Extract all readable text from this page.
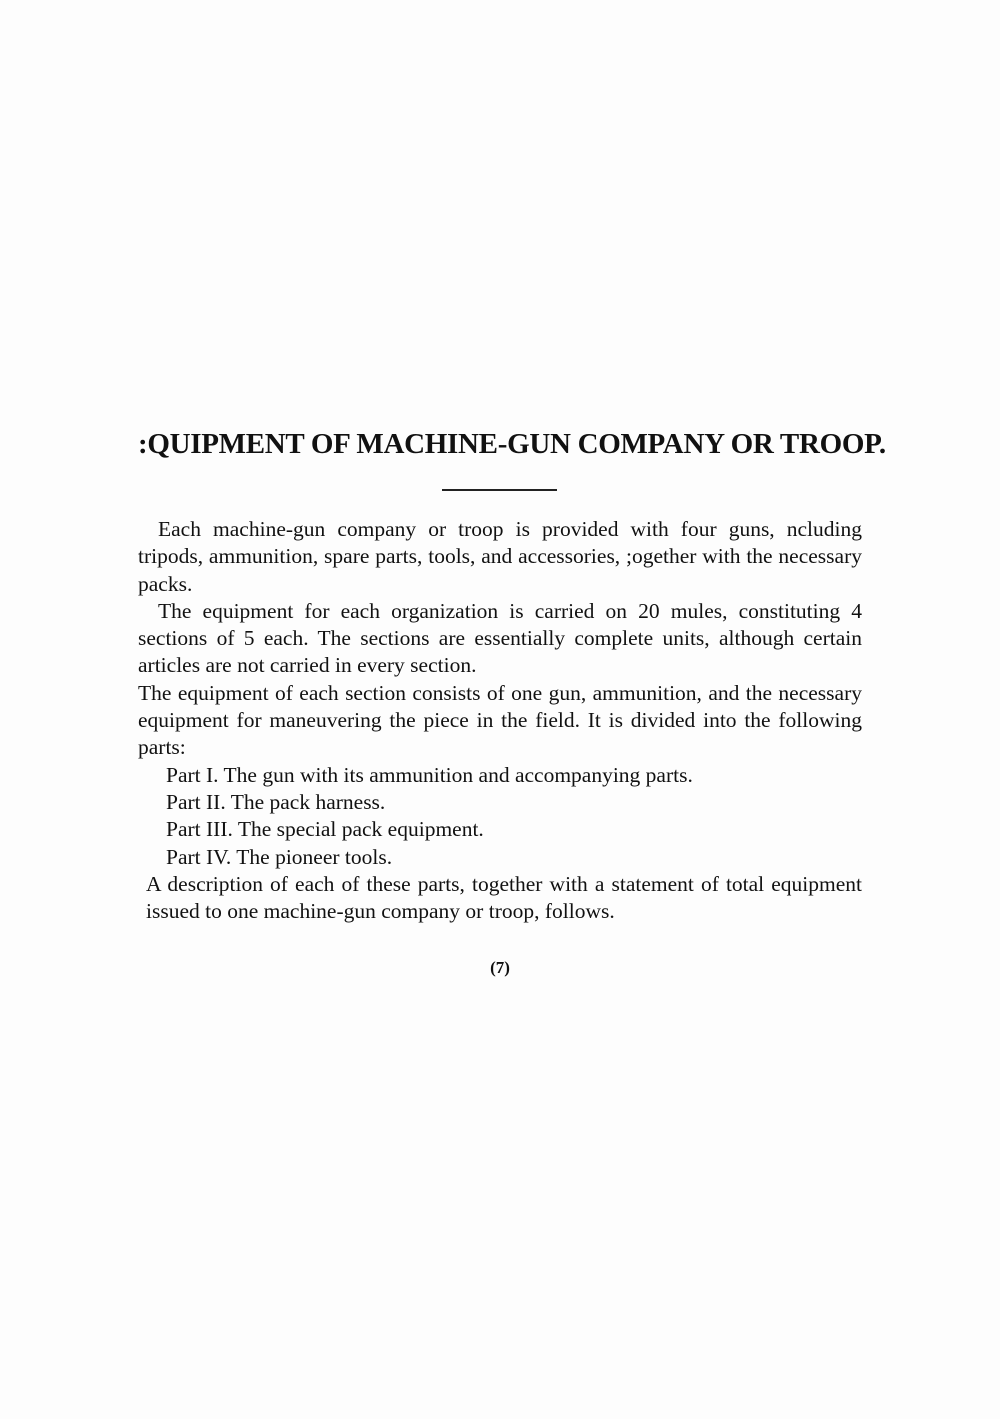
:QUIPMENT OF MACHINE-GUN COMPANY OR TROOP.

Each machine-gun company or troop is provided with four guns, ncluding tripods, ammunition, spare parts, tools, and accessories, ;ogether with the necessary packs.

The equipment for each organization is carried on 20 mules, constituting 4 sections of 5 each. The sections are essentially complete units, although certain articles are not carried in every section.

The equipment of each section consists of one gun, ammunition, and the necessary equipment for maneuvering the piece in the field. It is divided into the following parts:

Part I. The gun with its ammunition and accompanying parts.

Part II. The pack harness.

Part III. The special pack equipment.

Part IV. The pioneer tools.

A description of each of these parts, together with a statement of total equipment issued to one machine-gun company or troop, follows.

(7)
